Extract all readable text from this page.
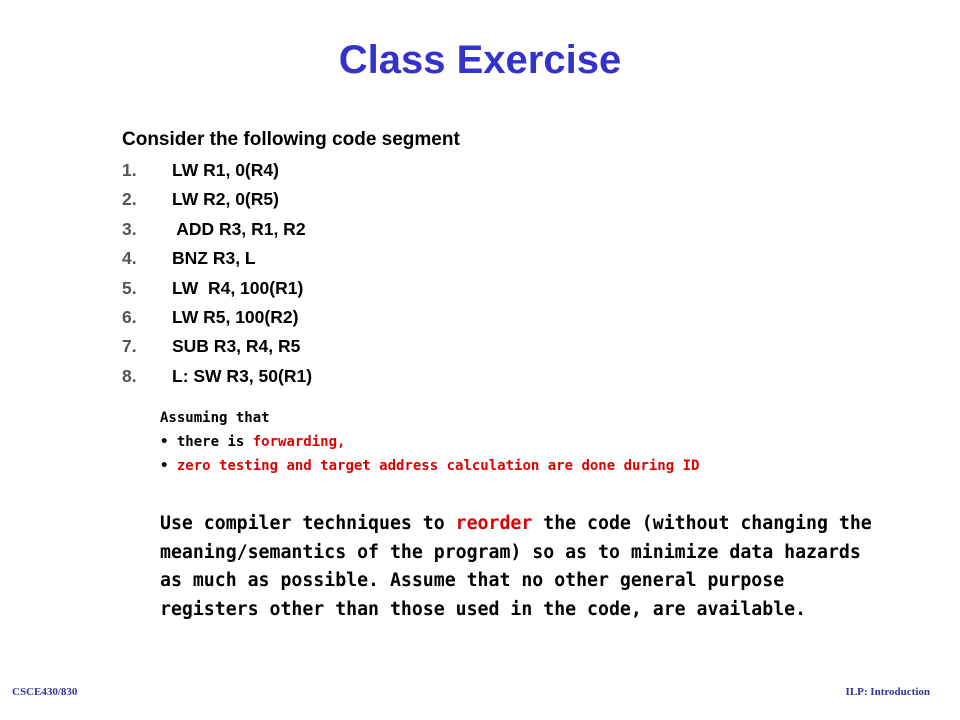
Class Exercise
Consider the following code segment
1. LW R1, 0(R4)
2. LW R2, 0(R5)
3. ADD R3, R1, R2
4. BNZ R3, L
5. LW  R4, 100(R1)
6. LW R5, 100(R2)
7. SUB R3, R4, R5
8. L: SW R3, 50(R1)
Assuming that
• there is forwarding,
• zero testing and target address calculation are done during ID
Use compiler techniques to reorder the code (without changing the meaning/semantics of the program) so as to minimize data hazards as much as possible. Assume that no other general purpose registers other than those used in the code, are available.
CSCE430/830	ILP: Introduction
